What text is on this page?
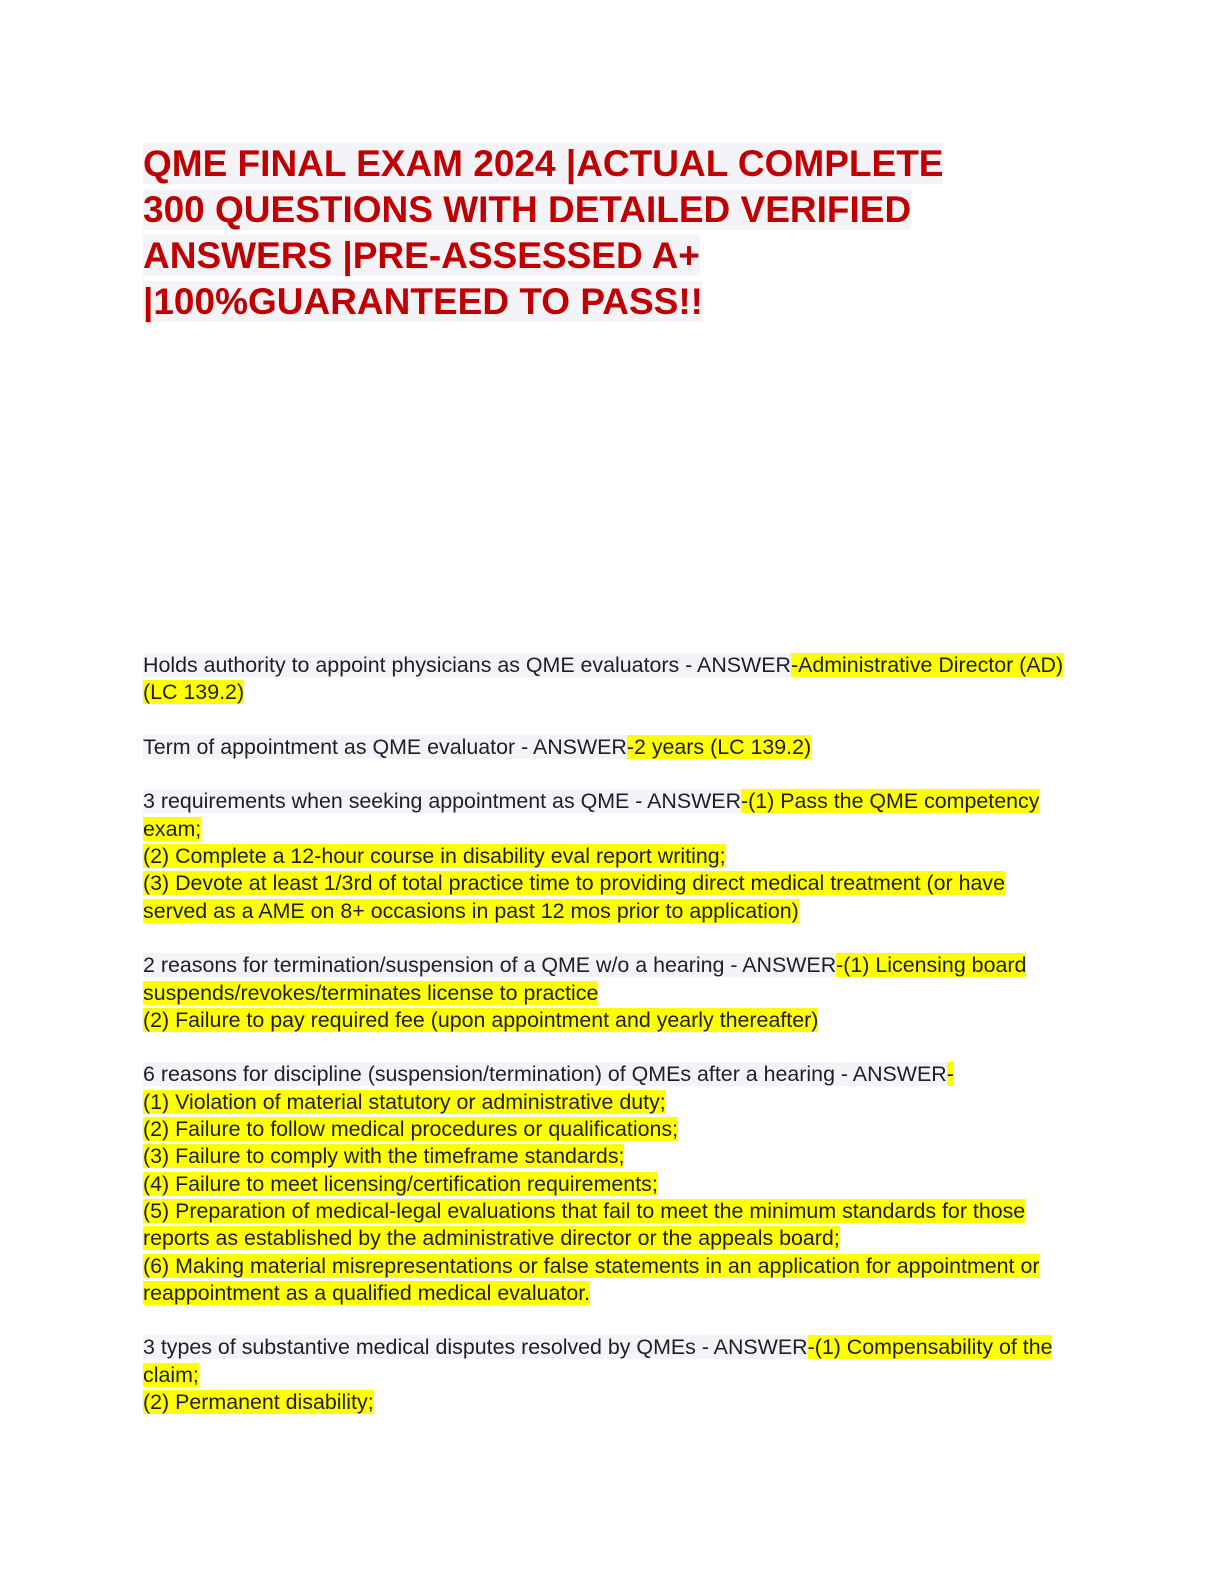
QME FINAL EXAM 2024 |ACTUAL COMPLETE
300 QUESTIONS WITH DETAILED VERIFIED
ANSWERS |PRE-ASSESSED A+
|100%GUARANTEED TO PASS!!

Holds authority to appoint physicians as QME evaluators - ANSWER-Administrative Director (AD) (LC 139.2)

Term of appointment as QME evaluator - ANSWER-2 years (LC 139.2)

3 requirements when seeking appointment as QME - ANSWER-(1) Pass the QME competency exam;
(2) Complete a 12-hour course in disability eval report writing;
(3) Devote at least 1/3rd of total practice time to providing direct medical treatment (or have served as a AME on 8+ occasions in past 12 mos prior to application)

2 reasons for termination/suspension of a QME w/o a hearing - ANSWER-(1) Licensing board suspends/revokes/terminates license to practice
(2) Failure to pay required fee (upon appointment and yearly thereafter)

6 reasons for discipline (suspension/termination) of QMEs after a hearing - ANSWER-
(1) Violation of material statutory or administrative duty;
(2) Failure to follow medical procedures or qualifications;
(3) Failure to comply with the timeframe standards;
(4) Failure to meet licensing/certification requirements;
(5) Preparation of medical-legal evaluations that fail to meet the minimum standards for those reports as established by the administrative director or the appeals board;
(6) Making material misrepresentations or false statements in an application for appointment or reappointment as a qualified medical evaluator.

3 types of substantive medical disputes resolved by QMEs - ANSWER-(1) Compensability of the claim;
(2) Permanent disability;
